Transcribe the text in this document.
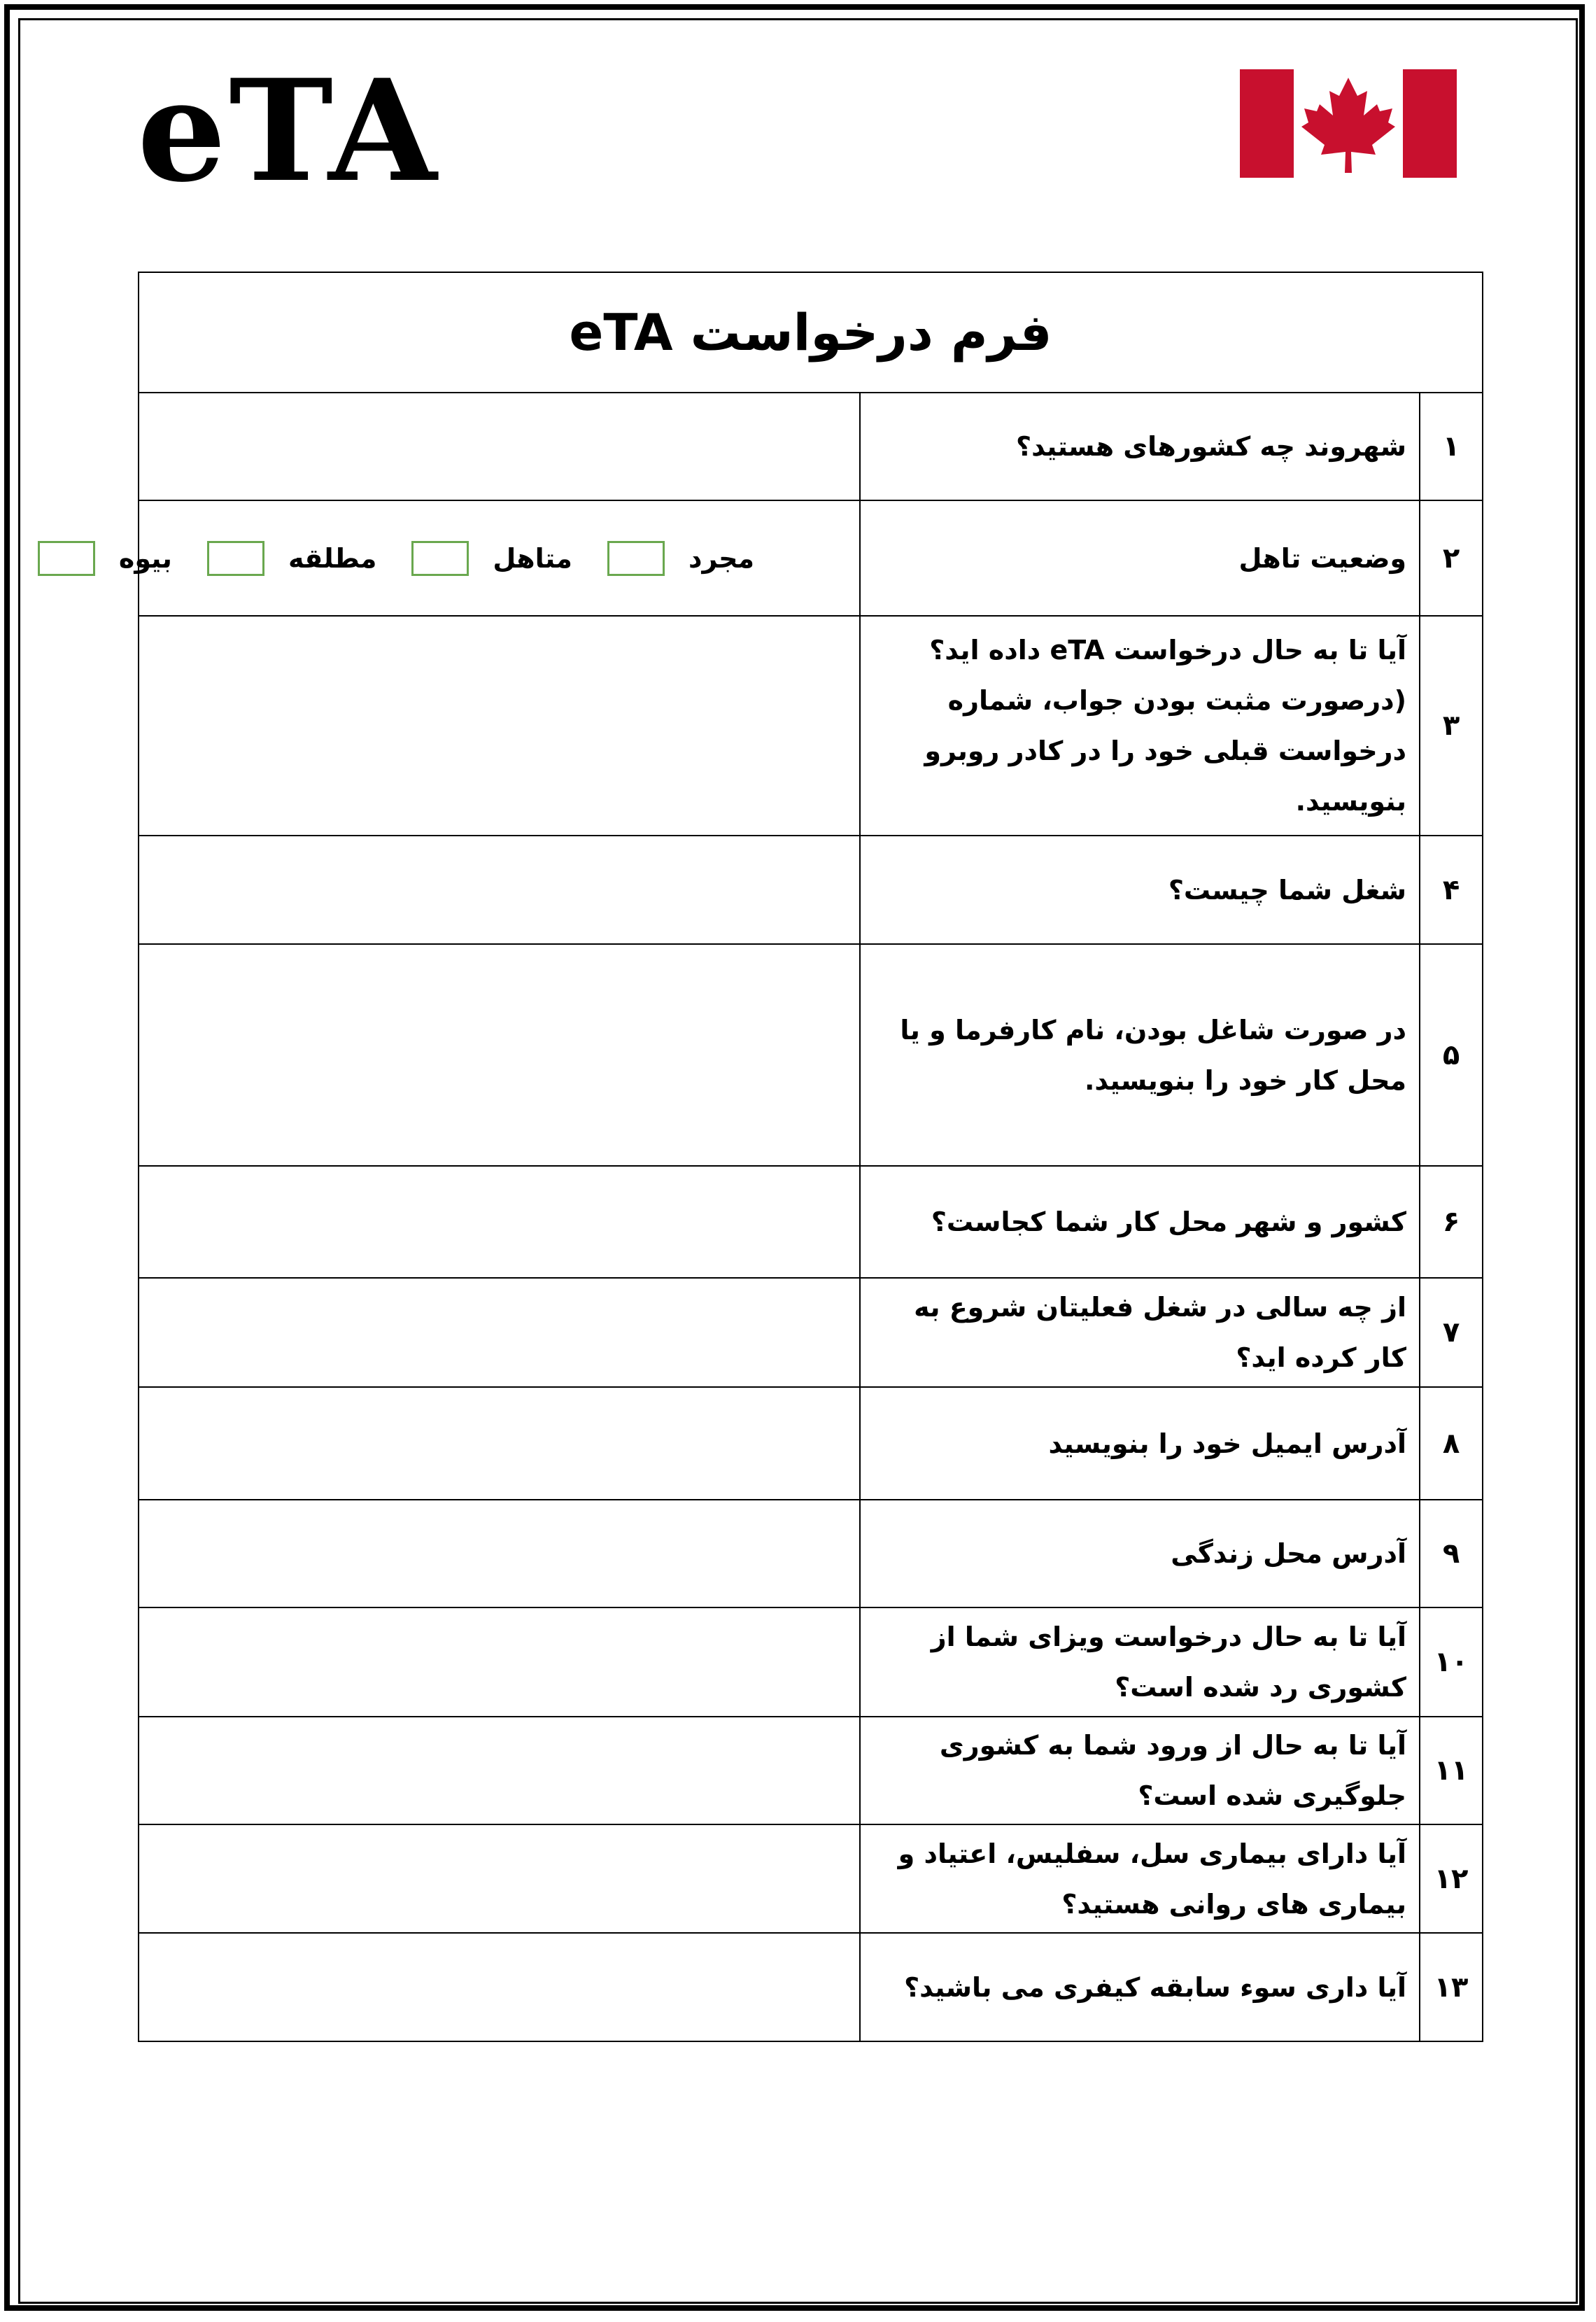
eTA
فرم درخواست eTA		
۱	شهروند چه کشورهای هستید؟	
۲	وضعیت تاهل	مجرد
متاهل
مطلقه
بیوه

۳	آیا تا به حال درخواست eTA داده اید؟ (درصورت مثبت بودن جواب، شماره درخواست قبلی خود را در کادر روبرو بنویسید.	
۴	شغل شما چیست؟	
۵	در صورت شاغل بودن، نام کارفرما و یا محل کار خود را بنویسید.	
۶	کشور و شهر محل کار شما کجاست؟	
۷	از چه سالی در شغل فعلیتان شروع به کار کرده اید؟	
۸	آدرس ایمیل خود را بنویسید	
۹	آدرس محل زندگی	
۱۰	آیا تا به حال درخواست ویزای شما از کشوری رد شده است؟	
۱۱	آیا تا به حال از ورود شما به کشوری جلوگیری شده است؟	
۱۲	آیا دارای بیماری سل، سفلیس، اعتیاد و بیماری های روانی هستید؟	
۱۳	آیا داری سوء سابقه کیفری می باشید؟	
